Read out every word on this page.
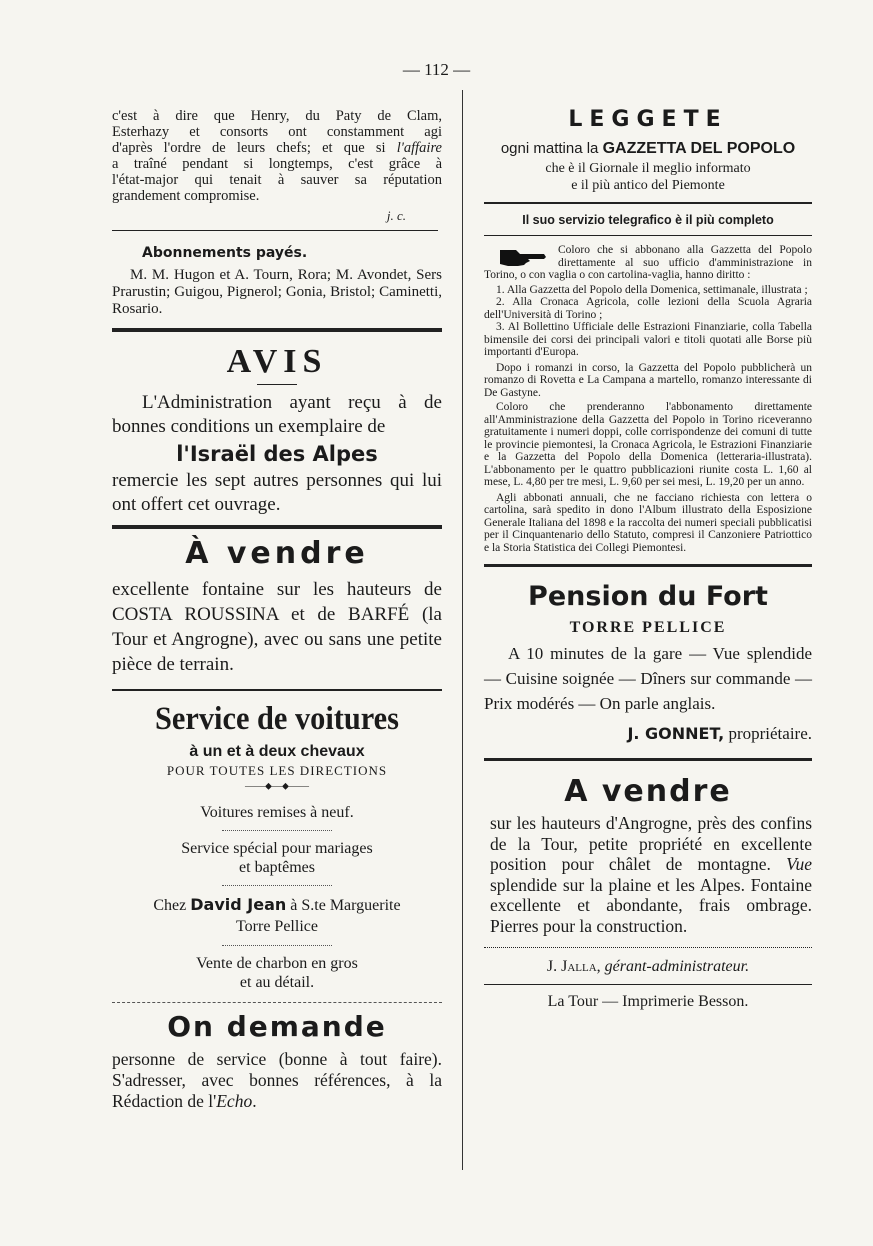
— 112 —
c'est à dire que Henry, du Paty de Clam,
Esterhazy et consorts ont constamment agi
d'après l'ordre de leurs chefs; et que si l'affaire
a traîné pendant si longtemps, c'est grâce à
l'état-major qui tenait à sauver sa réputation
grandement compromise.
j. c.
Abonnements payés.

M. M. Hugon et A. Tourn, Rora; M. Avondet, Sers Prarustin; Guigou, Pignerol; Gonia, Bristol; Caminetti, Rosario.

AVIS

L'Administration ayant reçu à de bonnes conditions un exemplaire de

l'Israël des Alpes

remercie les sept autres personnes qui lui ont offert cet ouvrage.

À vendre

excellente fontaine sur les hauteurs de COSTA ROUSSINA et de BARFÉ (la Tour et Angrogne), avec ou sans une petite pièce de terrain.

Service de voitures
à un et à deux chevaux
POUR TOUTES LES DIRECTIONS
——⬥—⬥——
Voitures remises à neuf.
Service spécial pour mariages
et baptêmes
Chez David Jean à S.te Marguerite
Torre Pellice
Vente de charbon en gros
et au détail.
On demande

personne de service (bonne à tout faire). S'adresser, avec bonnes références, à la Rédaction de l'Echo.

LEGGETE
ogni mattina la GAZZETTA DEL POPOLO
che è il Giornale il meglio informato
e il più antico del Piemonte
Il suo servizio telegrafico è il più completo

Coloro che si abbonano alla Gazzetta del Popolo direttamente al suo ufficio d'amministrazione in Torino, o con vaglia o con cartolina-vaglia, hanno diritto :

1. Alla Gazzetta del Popolo della Domenica, settimanale, illustrata ;

2. Alla Cronaca Agricola, colle lezioni della Scuola Agraria dell'Università di Torino ;

3. Al Bollettino Ufficiale delle Estrazioni Finanziarie, colla Tabella bimensile dei corsi dei principali valori e titoli quotati alle Borse più importanti d'Europa.

Dopo i romanzi in corso, la Gazzetta del Popolo pubblicherà un romanzo di Rovetta e La Campana a martello, romanzo interessante di De Gastyne.

Coloro che prenderanno l'abbonamento direttamente all'Amministrazione della Gazzetta del Popolo in Torino riceveranno gratuitamente i numeri doppi, colle corrispondenze dei comuni di tutte le provincie piemontesi, la Cronaca Agricola, le Estrazioni Finanziarie e la Gazzetta del Popolo della Domenica (letteraria-illustrata). L'abbonamento per le quattro pubblicazioni riunite costa L. 1,60 al mese, L. 4,80 per tre mesi, L. 9,60 per sei mesi, L. 19,20 per un anno.

Agli abbonati annuali, che ne facciano richiesta con lettera o cartolina, sarà spedito in dono l'Album illustrato della Esposizione Generale Italiana del 1898 e la raccolta dei numeri speciali pubblicatisi per il Cinquantenario dello Statuto, compresi il Canzoniere Patriottico e la Storia Statistica dei Collegi Piemontesi.

Pension du Fort
TORRE PELLICE

A 10 minutes de la gare — Vue splendide — Cuisine soignée — Dîners sur commande — Prix modérés — On parle anglais.

J. GONNET, propriétaire.
A vendre

sur les hauteurs d'Angrogne, près des confins de la Tour, petite propriété en excellente position pour châlet de montagne. Vue splendide sur la plaine et les Alpes. Fontaine excellente et abondante, frais ombrage. Pierres pour la construction.

J. Jalla, gérant-administrateur.
La Tour — Imprimerie Besson.
